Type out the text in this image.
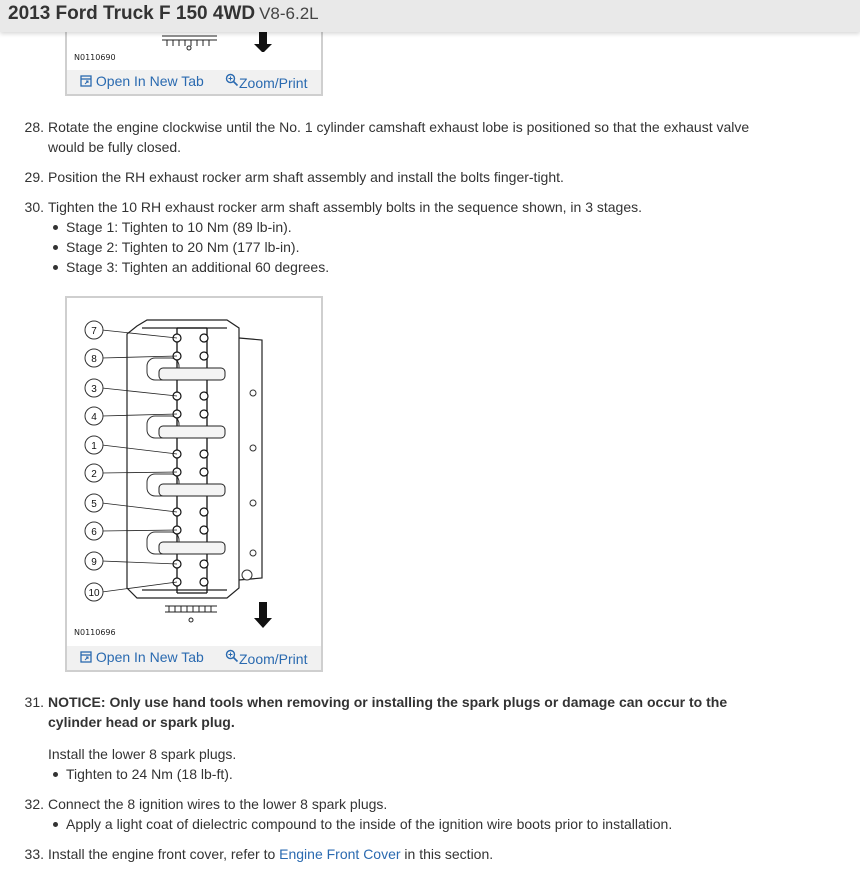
2013 Ford Truck F 150 4WD V8-6.2L
N0110690
Open In New Tab	Zoom/Print
28. Rotate the engine clockwise until the No. 1 cylinder camshaft exhaust lobe is positioned so that the exhaust valve would be fully closed.
29. Position the RH exhaust rocker arm shaft assembly and install the bolts finger-tight.
30. Tighten the 10 RH exhaust rocker arm shaft assembly bolts in the sequence shown, in 3 stages.
Stage 1: Tighten to 10 Nm (89 lb-in).
Stage 2: Tighten to 20 Nm (177 lb-in).
Stage 3: Tighten an additional 60 degrees.
7
8
3
4
1
2
5
6
9
10
N0110696
Open In New Tab	Zoom/Print
31. NOTICE: Only use hand tools when removing or installing the spark plugs or damage can occur to the cylinder head or spark plug.
Install the lower 8 spark plugs.
Tighten to 24 Nm (18 lb-ft).
32. Connect the 8 ignition wires to the lower 8 spark plugs.
Apply a light coat of dielectric compound to the inside of the ignition wire boots prior to installation.
33. Install the engine front cover, refer to Engine Front Cover in this section.
